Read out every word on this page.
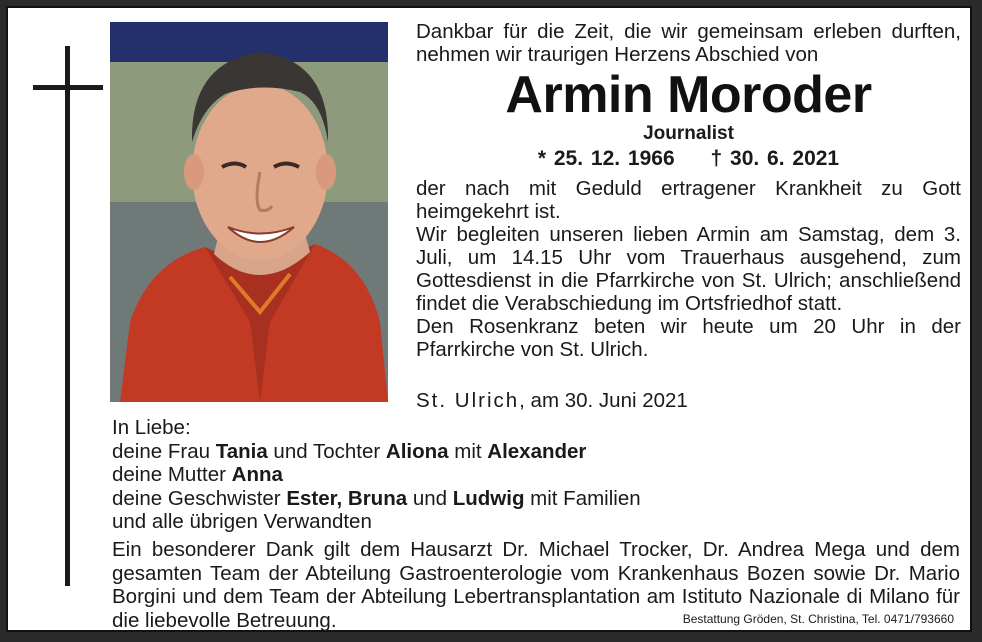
Dankbar für die Zeit, die wir gemeinsam erleben durften, nehmen wir traurigen Herzens Abschied von
Armin Moroder
Journalist
* 25. 12. 1966 † 30. 6. 2021

der nach mit Geduld ertragener Krankheit zu Gott heimgekehrt ist.

Wir begleiten unseren lieben Armin am Samstag, dem 3. Juli, um 14.15 Uhr vom Trauerhaus ausgehend, zum Gottesdienst in die Pfarrkirche von St. Ulrich; anschließend findet die Verabschiedung im Ortsfriedhof statt.

Den Rosenkranz beten wir heute um 20 Uhr in der Pfarrkirche von St. Ulrich.

St. Ulrich, am 30. Juni 2021

In Liebe:

deine Frau Tania und Tochter Aliona mit Alexander

deine Mutter Anna

deine Geschwister Ester, Bruna und Ludwig mit Familien

und alle übrigen Verwandten

Ein besonderer Dank gilt dem Hausarzt Dr. Michael Trocker, Dr. Andrea Mega und dem gesamten Team der Abteilung Gastroenterologie vom Krankenhaus Bozen sowie Dr. Mario Borgini und dem Team der Abteilung Lebertransplantation am Istituto Nazionale di Milano für die liebevolle Betreuung.	Bestattung Gröden, St. Christina, Tel. 0471/793660
